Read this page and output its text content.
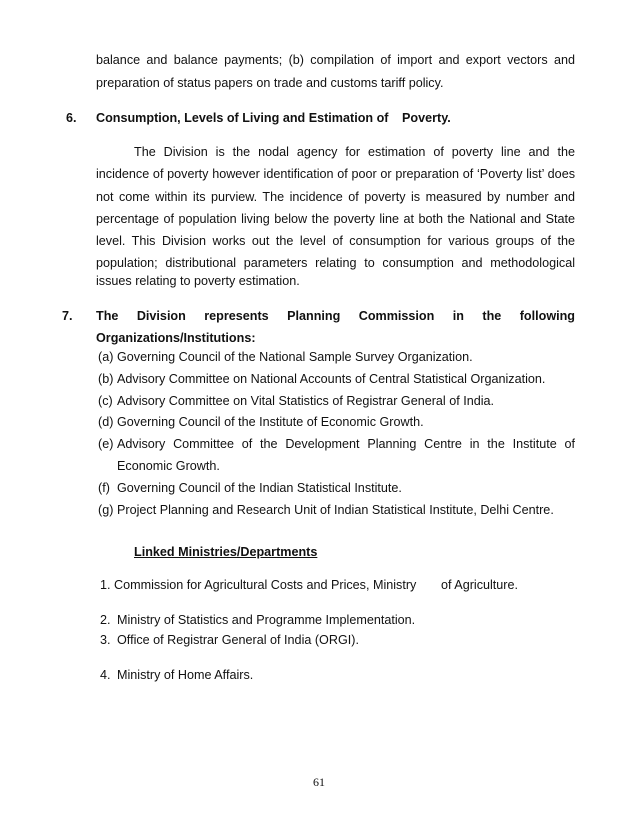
balance and balance payments; (b) compilation of import and export vectors and
preparation of status papers on trade and customs tariff policy.
6. Consumption, Levels of Living and Estimation of Poverty.
The Division is the nodal agency for estimation of poverty line and the
incidence of poverty however identification of poor or preparation of ‘Poverty list’ does
not come within its purview. The incidence of poverty is measured by number and
percentage of population living below the poverty line at both the National and State
level. This Division works out the level of consumption for various groups of the
population; distributional parameters relating to consumption and methodological
issues relating to poverty estimation.
7. The Division represents Planning Commission in the following
Organizations/Institutions:
(a) Governing Council of the National Sample Survey Organization.
(b) Advisory Committee on National Accounts of Central Statistical Organization.
(c) Advisory Committee on Vital Statistics of Registrar General of India.
(d) Governing Council of the Institute of Economic Growth.
(e) Advisory Committee of the Development Planning Centre in the Institute of
Economic Growth.
(f) Governing Council of the Indian Statistical Institute.
(g) Project Planning and Research Unit of Indian Statistical Institute, Delhi Centre.
Linked Ministries/Departments
1. Commission for Agricultural Costs and Prices, Ministry of Agriculture.
2. Ministry of Statistics and Programme Implementation.
3. Office of Registrar General of India (ORGI).
4. Ministry of Home Affairs.
61
